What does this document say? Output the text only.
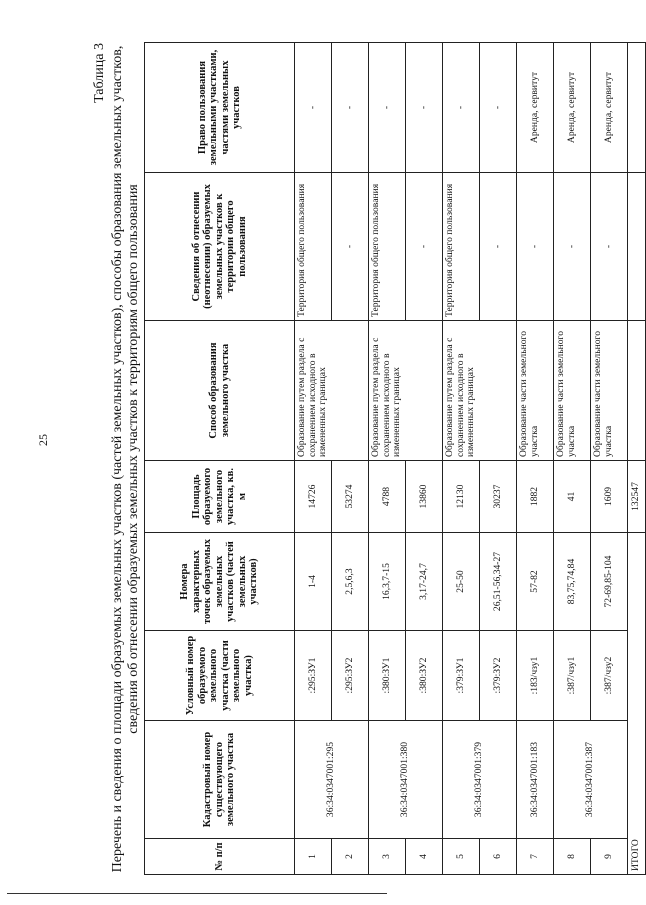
25
Таблица 3 Перечень и сведения о площади образуемых земельных участков (частей земельных участков), способы образования земельных участков, сведения об отнесении образуемых земельных участков к территориям общего пользования
№ п/п	Кадастровый номер существующего земельного участка	Условный номер образуемого земельного участка (части земельного участка)	Номера характерных точек образуемых земельных участков (частей земельных участков)	Площадь образуемого земельного участка, кв. м	Способ образования земельного участка	Сведения об отнесении (неотнесении) образуемых земельных участков к территории общего пользования	Право пользования земельными участками, частями земельных участков
1	36:34:0347001:295	:295:ЗУ1	1-4	14726	Образование путем раздела с сохранением исходного в измененных границах	Территория общего пользования	-
2		:295:ЗУ2	2,5,6,3	53274		-	-
3	36:34:0347001:380	:380:ЗУ1	16,3,7-15	4788	Образование путем раздела с сохранением исходного в измененных границах	Территория общего пользования	-
4		:380:ЗУ2	3,17-24,7	13860		-	-
5	36:34:0347001:379	:379:ЗУ1	25-50	12130	Образование путем раздела с сохранением исходного в измененных границах	Территория общего пользования	-
6		:379:ЗУ2	26,51-56,34-27	30237		-	-
7	36:34:0347001:183	:183/чзу1	57-82	1882	Образование части земельного участка	-	Аренда, сервитут
8	36:34:0347001:387	:387/чзу1	83,75,74,84	41	Образование части земельного участка	-	Аренда, сервитут
9		:387/чзу2	72-69,85-104	1609	Образование части земельного участка	-	Аренда, сервитут
ИТОГО				132547			
